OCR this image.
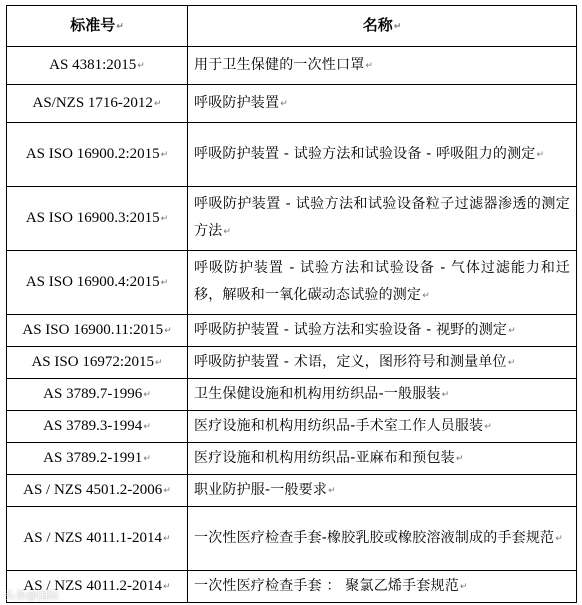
标准号↵	名称↵
AS 4381:2015↵	用于卫生保健的一次性口罩↵
AS/NZS 1716-2012↵	呼吸防护装置↵
AS ISO 16900.2:2015↵	呼吸防护装置 - 试验方法和试验设备 - 呼吸阻力的测定↵
AS ISO 16900.3:2015↵	呼吸防护装置 - 试验方法和试验设备粒子过滤器渗透的测定方法↵
AS ISO 16900.4:2015↵	呼吸防护装置 - 试验方法和试验设备 - 气体过滤能力和迁移，解吸和一氧化碳动态试验的测定↵
AS ISO 16900.11:2015↵	呼吸防护装置 - 试验方法和实验设备 - 视野的测定↵
AS ISO 16972:2015↵	呼吸防护装置 - 术语，定义，图形符号和测量单位↵
AS 3789.7-1996↵	卫生保健设施和机构用纺织品-一般服装↵
AS 3789.3-1994↵	医疗设施和机构用纺织品-手术室工作人员服装↵
AS 3789.2-1991↵	医疗设施和机构用纺织品-亚麻布和预包装↵
AS / NZS 4501.2-2006↵	职业防护服-一般要求↵
AS / NZS 4011.1-2014↵	一次性医疗检查手套-橡胶乳胶或橡胶溶液制成的手套规范↵
AS / NZS 4011.2-2014↵	一次性医疗检查手套 ： 聚氯乙烯手套规范↵
头条@国际
